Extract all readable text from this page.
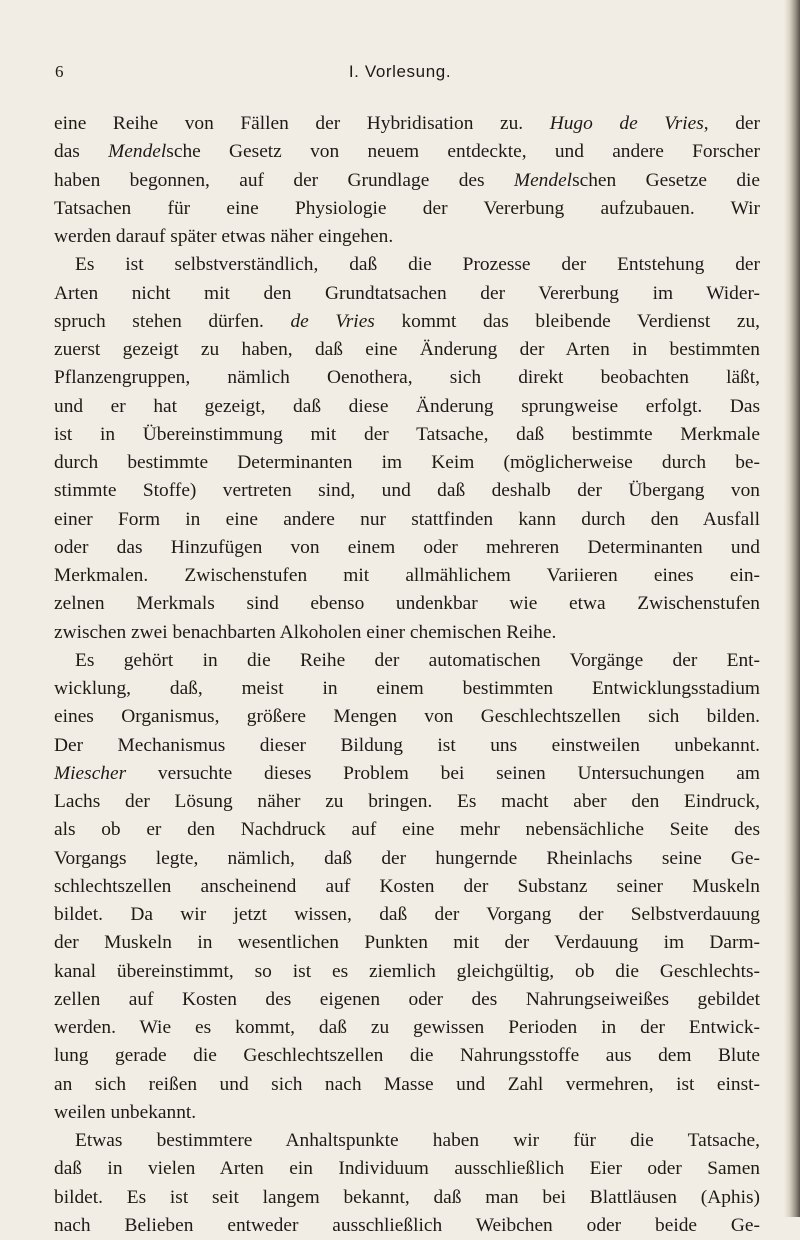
6	I. Vorlesung.
eine Reihe von Fällen der Hybridisation zu. Hugo de Vries, der
das Mendelsche Gesetz von neuem entdeckte, und andere Forscher
haben begonnen, auf der Grundlage des Mendelschen Gesetze die
Tatsachen für eine Physiologie der Vererbung aufzubauen. Wir
werden darauf später etwas näher eingehen.
Es ist selbstverständlich, daß die Prozesse der Entstehung der
Arten nicht mit den Grundtatsachen der Vererbung im Wider-
spruch stehen dürfen. de Vries kommt das bleibende Verdienst zu,
zuerst gezeigt zu haben, daß eine Änderung der Arten in bestimmten
Pflanzengruppen, nämlich Oenothera, sich direkt beobachten läßt,
und er hat gezeigt, daß diese Änderung sprungweise erfolgt. Das
ist in Übereinstimmung mit der Tatsache, daß bestimmte Merkmale
durch bestimmte Determinanten im Keim (möglicherweise durch be-
stimmte Stoffe) vertreten sind, und daß deshalb der Übergang von
einer Form in eine andere nur stattfinden kann durch den Ausfall
oder das Hinzufügen von einem oder mehreren Determinanten und
Merkmalen. Zwischenstufen mit allmählichem Variieren eines ein-
zelnen Merkmals sind ebenso undenkbar wie etwa Zwischenstufen
zwischen zwei benachbarten Alkoholen einer chemischen Reihe.
Es gehört in die Reihe der automatischen Vorgänge der Ent-
wicklung, daß, meist in einem bestimmten Entwicklungsstadium
eines Organismus, größere Mengen von Geschlechtszellen sich bilden.
Der Mechanismus dieser Bildung ist uns einstweilen unbekannt.
Miescher versuchte dieses Problem bei seinen Untersuchungen am
Lachs der Lösung näher zu bringen. Es macht aber den Eindruck,
als ob er den Nachdruck auf eine mehr nebensächliche Seite des
Vorgangs legte, nämlich, daß der hungernde Rheinlachs seine Ge-
schlechtszellen anscheinend auf Kosten der Substanz seiner Muskeln
bildet. Da wir jetzt wissen, daß der Vorgang der Selbstverdauung
der Muskeln in wesentlichen Punkten mit der Verdauung im Darm-
kanal übereinstimmt, so ist es ziemlich gleichgültig, ob die Geschlechts-
zellen auf Kosten des eigenen oder des Nahrungseiweißes gebildet
werden. Wie es kommt, daß zu gewissen Perioden in der Entwick-
lung gerade die Geschlechtszellen die Nahrungsstoffe aus dem Blute
an sich reißen und sich nach Masse und Zahl vermehren, ist einst-
weilen unbekannt.
Etwas bestimmtere Anhaltspunkte haben wir für die Tatsache,
daß in vielen Arten ein Individuum ausschließlich Eier oder Samen
bildet. Es ist seit langem bekannt, daß man bei Blattläusen (Aphis)
nach Belieben entweder ausschließlich Weibchen oder beide Ge-
